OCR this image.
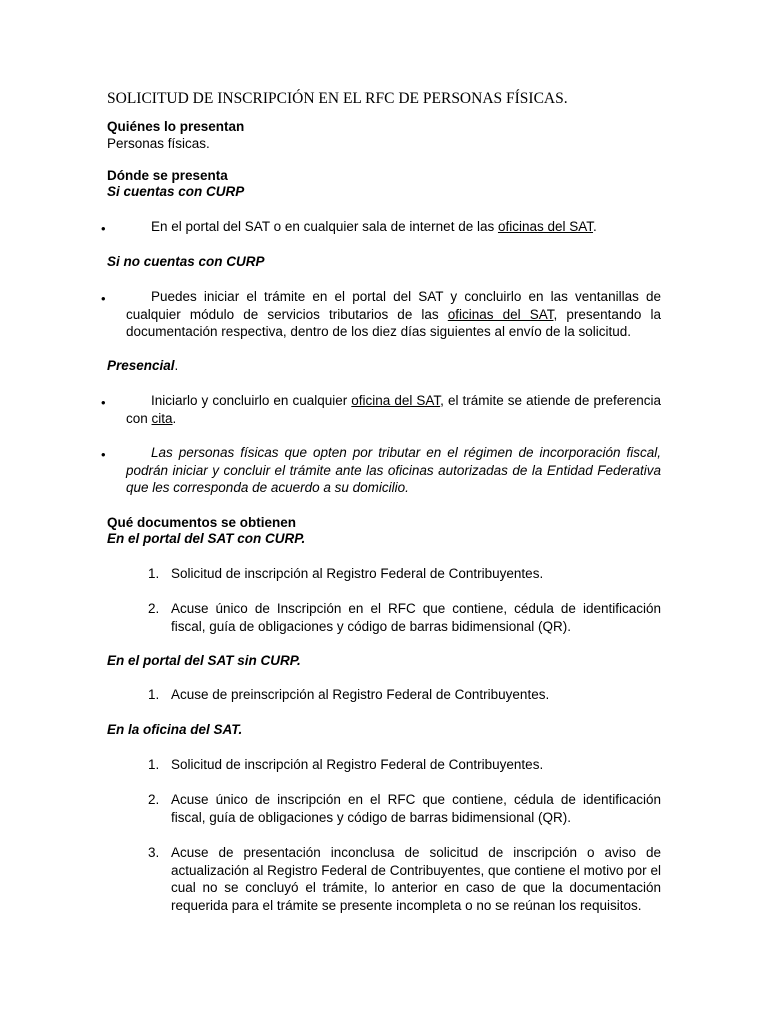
SOLICITUD DE INSCRIPCIÓN EN EL RFC DE PERSONAS FÍSICAS.
Quiénes lo presentan
Personas físicas.
Dónde se presenta
Si cuentas con CURP
•	En el portal del SAT o en cualquier sala de internet de las oficinas del SAT.
Si no cuentas con CURP
•	Puedes iniciar el trámite en el portal del SAT y concluirlo en las ventanillas de cualquier módulo de servicios tributarios de las oficinas del SAT, presentando la documentación respectiva, dentro de los diez días siguientes al envío de la solicitud.
Presencial.
•	Iniciarlo y concluirlo en cualquier oficina del SAT, el trámite se atiende de preferencia con cita.
•	Las personas físicas que opten por tributar en el régimen de incorporación fiscal, podrán iniciar y concluir el trámite ante las oficinas autorizadas de la Entidad Federativa que les corresponda de acuerdo a su domicilio.
Qué documentos se obtienen
En el portal del SAT con CURP.
1. Solicitud de inscripción al Registro Federal de Contribuyentes.
2. Acuse único de Inscripción en el RFC que contiene, cédula de identificación fiscal, guía de obligaciones y código de barras bidimensional (QR).
En el portal del SAT sin CURP.
1. Acuse de preinscripción al Registro Federal de Contribuyentes.
En la oficina del SAT.
1. Solicitud de inscripción al Registro Federal de Contribuyentes.
2. Acuse único de inscripción en el RFC que contiene, cédula de identificación fiscal, guía de obligaciones y código de barras bidimensional (QR).
3. Acuse de presentación inconclusa de solicitud de inscripción o aviso de actualización al Registro Federal de Contribuyentes, que contiene el motivo por el cual no se concluyó el trámite, lo anterior en caso de que la documentación requerida para el trámite se presente incompleta o no se reúnan los requisitos.
